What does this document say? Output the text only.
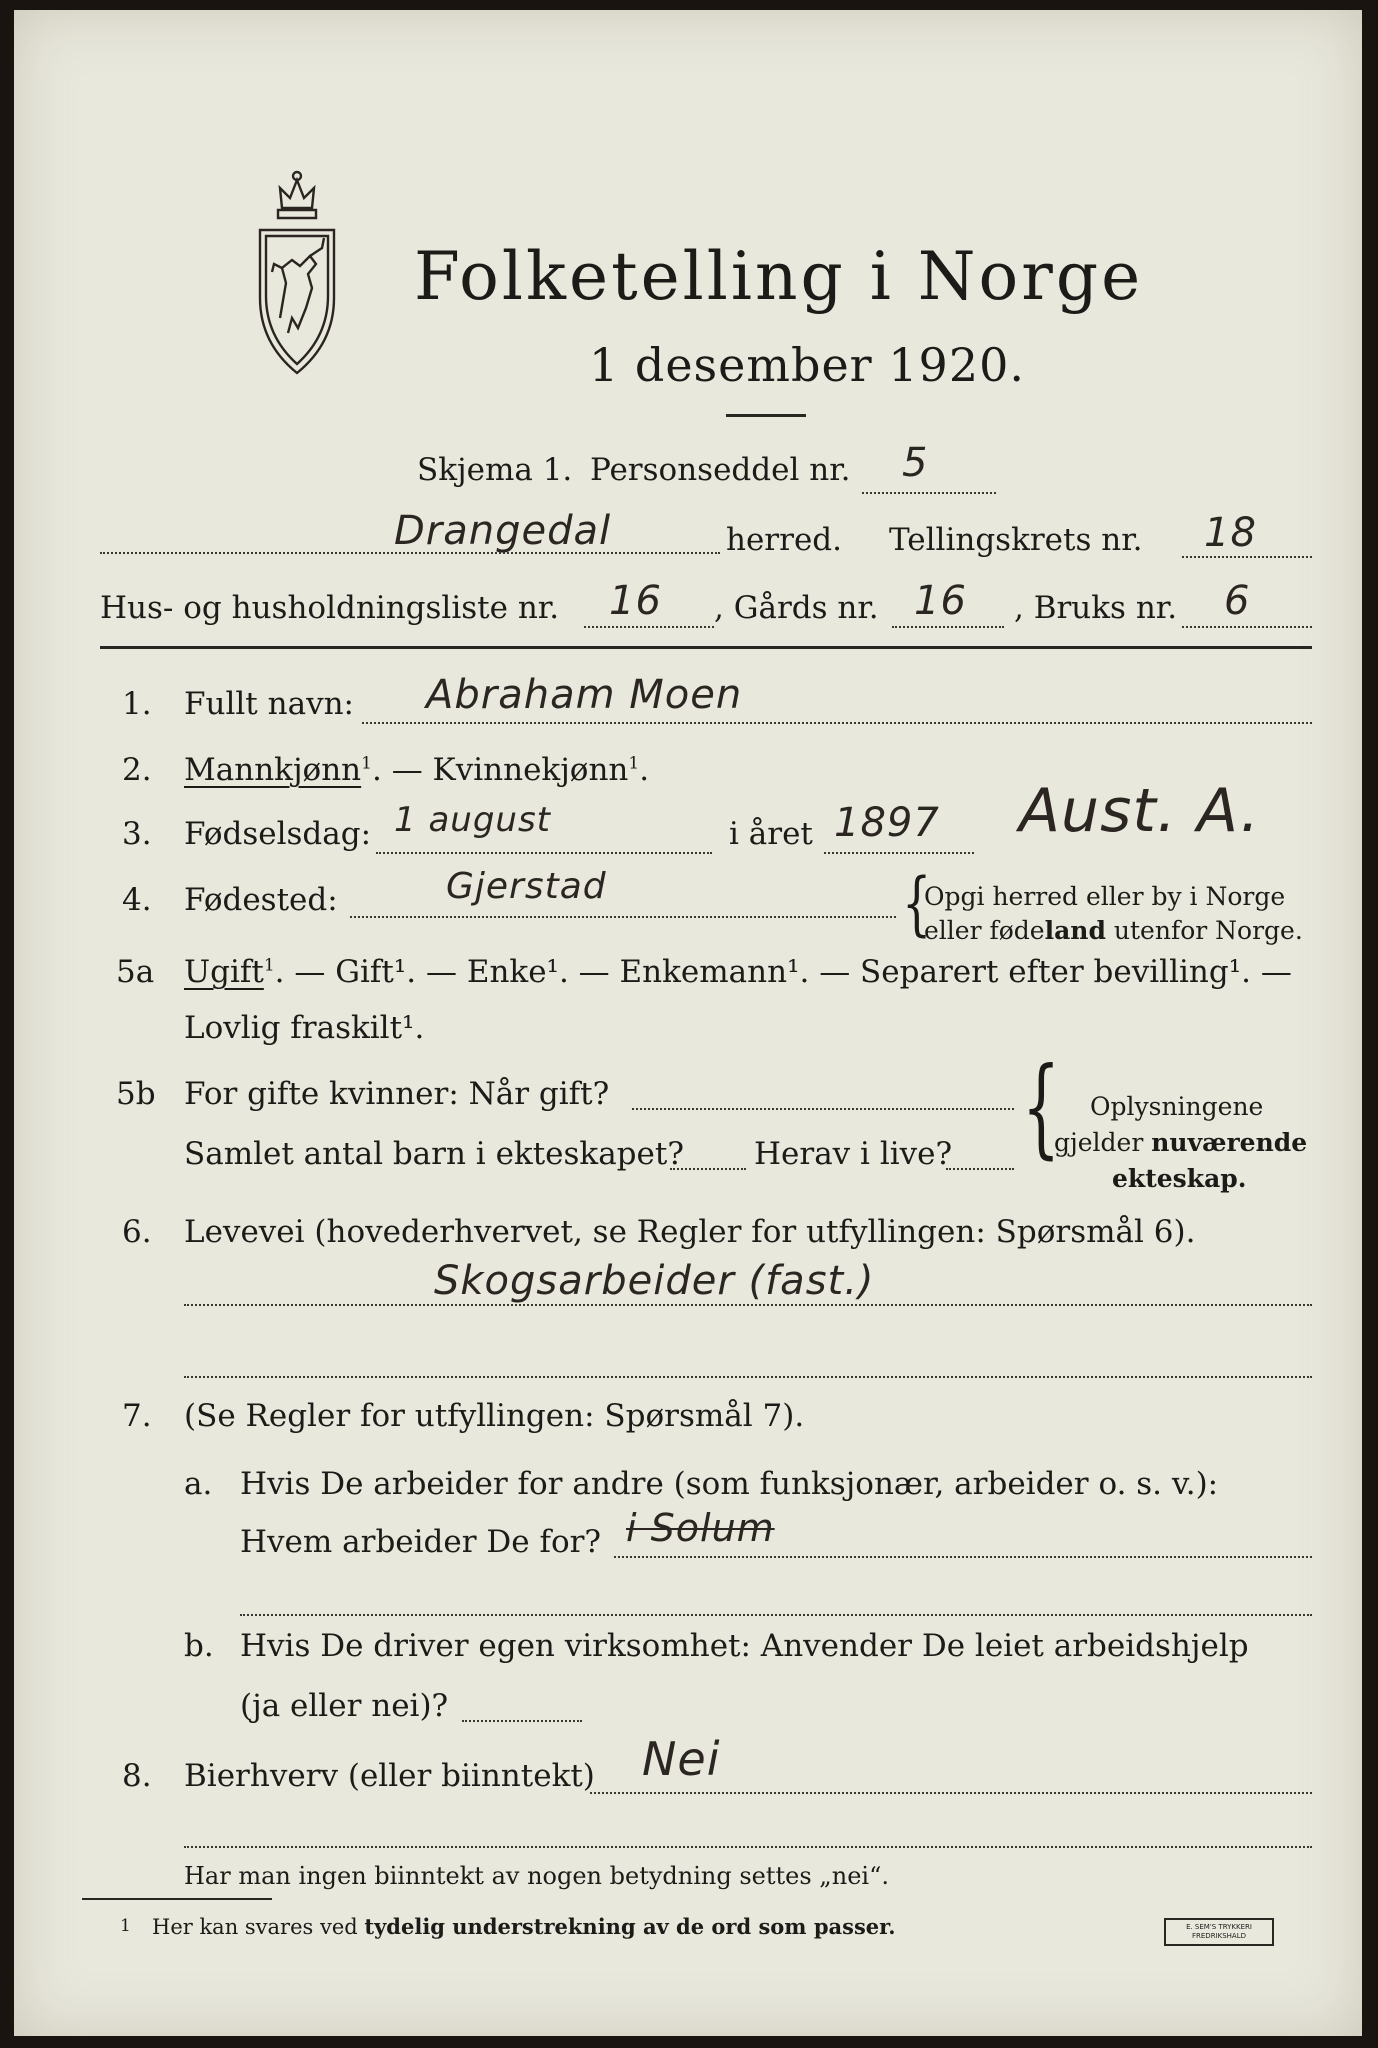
Folketelling i Norge
1 desember 1920.
Skjema 1. Personseddel nr. 5
Drangedal	herred. Tellingskrets nr. 18
Hus- og husholdningsliste nr. 16 , Gårds nr. 16 , Bruks nr. 6
1. Fullt navn: Abraham Moen
2. Mannkjønn$^1$. — Kvinnekjønn$^1$.
3. Fødselsdag: 1 august	i året 1897 Aust. A.
4. Fødested:	Gjerstad	{
Opgi herred eller by i Norge
eller fødeland utenfor Norge.
5a Ugift$^1$. — Gift¹. — Enke¹. — Enkemann¹. — Separert efter bevilling¹. —
Lovlig fraskilt¹.
5b For gifte kvinner: Når gift?
Samlet antal barn i ekteskapet? Herav i live? { Oplysningene
gjelder nuværende
ekteskap.
6. Levevei (hovederhvervet, se Regler for utfyllingen: Spørsmål 6).
Skogsarbeider (fast.)
7. (Se Regler for utfyllingen: Spørsmål 7).
a. Hvis De arbeider for andre (som funksjonær, arbeider o. s. v.):
Hvem arbeider De for? i Solum
b. Hvis De driver egen virksomhet: Anvender De leiet arbeidshjelp
(ja eller nei)?
8. Bierhverv (eller biinntekt) Nei
Har man ingen biinntekt av nogen betydning settes „nei“.
1 Her kan svares ved tydelig understrekning av de ord som passer.	E. SEM'S TRYKKERI
FREDRIKSHALD
